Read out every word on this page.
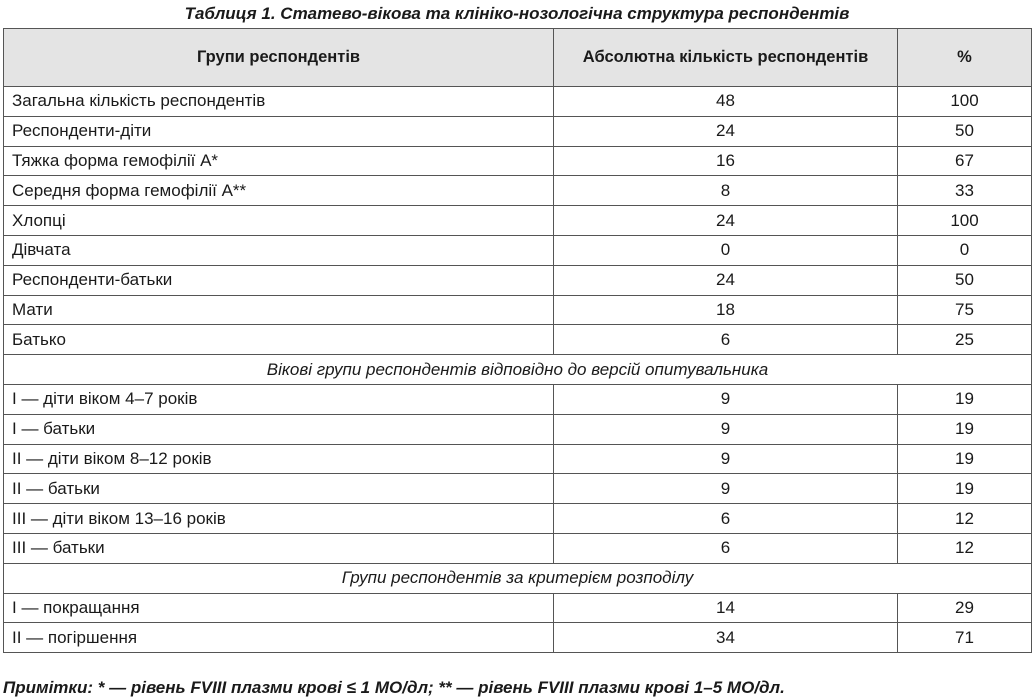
Таблиця 1. Статево-вікова та клініко-нозологічна структура респондентів
Групи респондентів	Абсолютна кількість респондентів	%
Загальна кількість респондентів	48	100
Респонденти-діти	24	50
Тяжка форма гемофілії А*	16	67
Середня форма гемофілії А**	8	33
Хлопці	24	100
Дівчата	0	0
Респонденти-батьки	24	50
Мати	18	75
Батько	6	25
Вікові групи респондентів відповідно до версій опитувальника		
I — діти віком 4–7 років	9	19
I — батьки	9	19
II — діти віком 8–12 років	9	19
II — батьки	9	19
III — діти віком 13–16 років	6	12
III — батьки	6	12
Групи респондентів за критерієм розподілу		
I — покращання	14	29
II — погіршення	34	71
Примітки: * — рівень FVIII плазми крові ≤ 1 МО/дл; ** — рівень FVIII плазми крові 1–5 МО/дл.
